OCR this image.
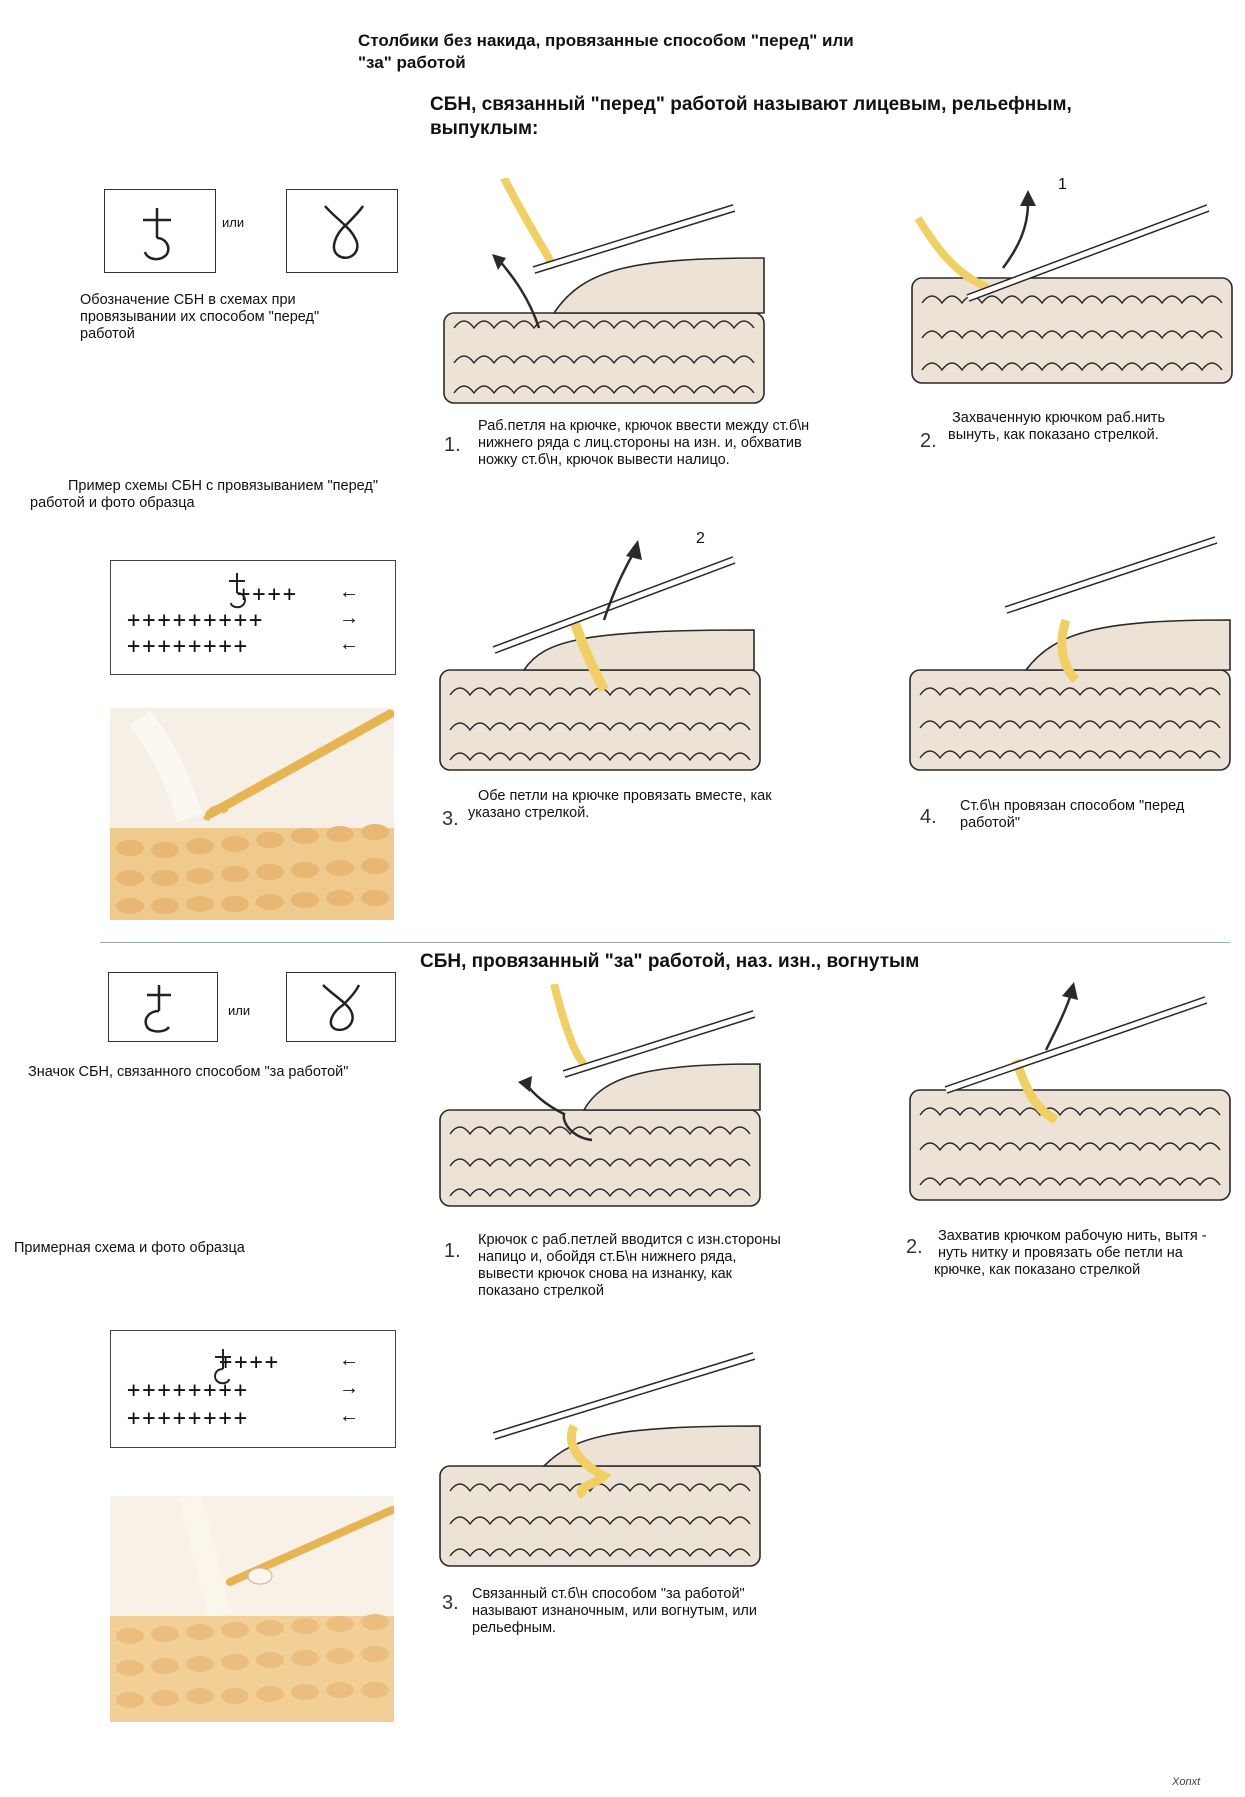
Столбики без накида, провязанные способом "перед" или
"за" работой
СБН, связанный "перед" работой называют лицевым, рельефным,
выпуклым:
или
Обозначение СБН в схемах при
провязывании их способом "перед"
работой
Пример схемы СБН с провязыванием "перед"
работой и фото образца
++++ ←
+++++++++	→
++++++++	←
1.
Раб.петля на крючке, крючок ввести между ст.б\н
нижнего ряда с лиц.стороны на изн. и, обхватив
ножку ст.б\н, крючок вывести налицо.
1
2.
Захваченную крючком раб.нить
вынуть, как показано стрелкой.
2
3.
Обе петли на крючке провязать вместе, как
указано стрелкой.	4. Ст.б\н провязан способом "перед
работой"
СБН, провязанный "за" работой, наз. изн., вогнутым
или
Значок СБН, связанного способом "за работой"
Примерная схема и фото образца
++++	←
++++++++	→
++++++++	←
1. Крючок с раб.петлей вводится с изн.стороны
напицо и, обойдя ст.Б\н нижнего ряда,
вывести крючок снова на изнанку, как
показано стрелкой
2. Захватив крючком рабочую нить, вытя -
нуть нитку и провязать обе петли на
крючке, как показано стрелкой
3. Связанный ст.б\н способом "за работой"
называют изнаночным, или вогнутым, или
рельефным.
Xonxt
